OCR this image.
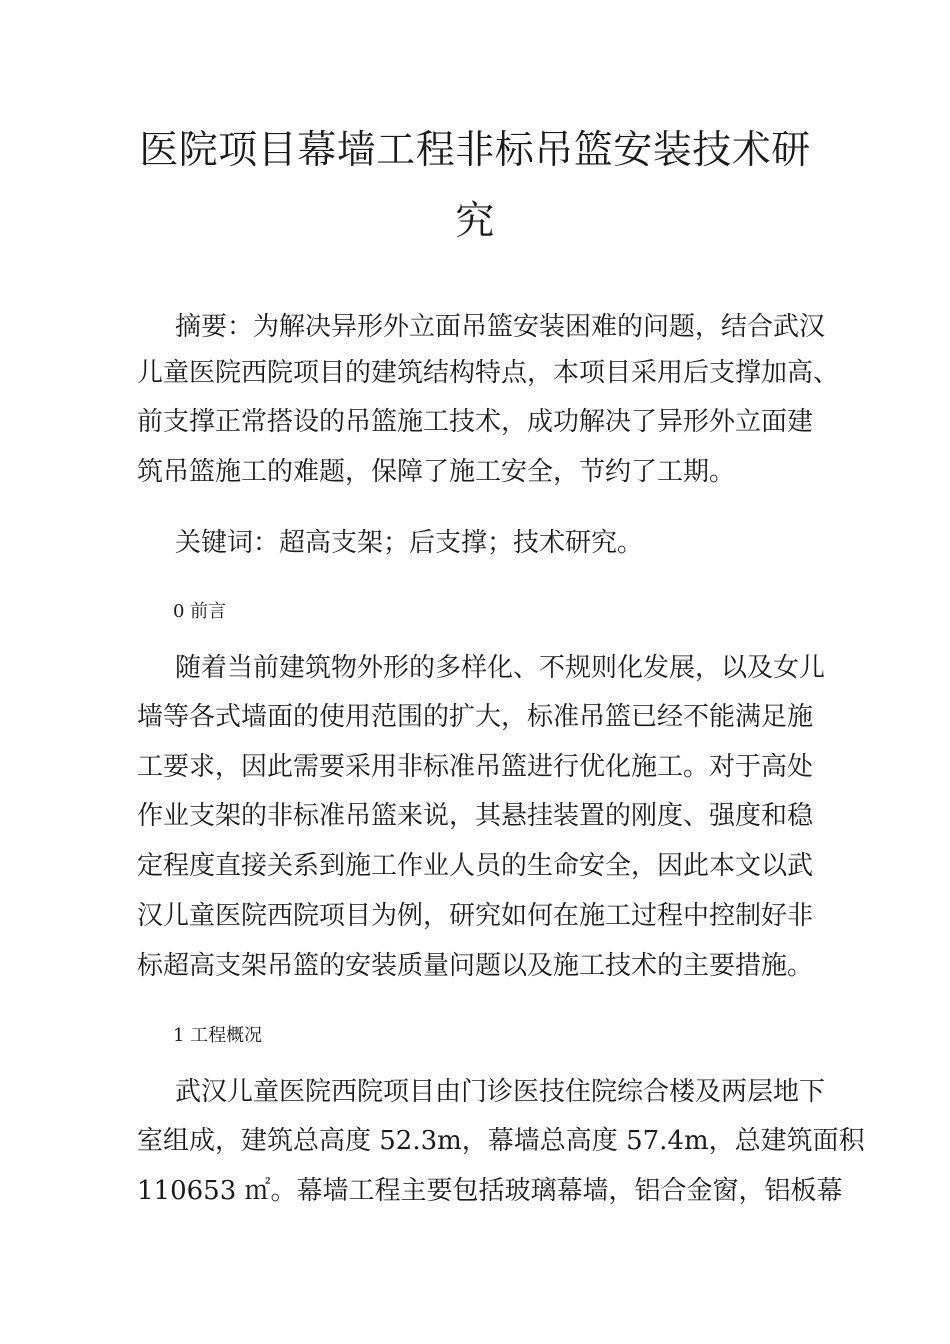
医院项目幕墙工程非标吊篮安装技术研
究

摘要：为解决异形外立面吊篮安装困难的问题，结合武汉

儿童医院西院项目的建筑结构特点，本项目采用后支撑加高、

前支撑正常搭设的吊篮施工技术，成功解决了异形外立面建

筑吊篮施工的难题，保障了施工安全，节约了工期。

关键词：超高支架；后支撑；技术研究。

0 前言

随着当前建筑物外形的多样化、不规则化发展，以及女儿

墙等各式墙面的使用范围的扩大，标准吊篮已经不能满足施

工要求，因此需要采用非标准吊篮进行优化施工。对于高处

作业支架的非标准吊篮来说，其悬挂装置的刚度、强度和稳

定程度直接关系到施工作业人员的生命安全，因此本文以武

汉儿童医院西院项目为例，研究如何在施工过程中控制好非

标超高支架吊篮的安装质量问题以及施工技术的主要措施。

1 工程概况

武汉儿童医院西院项目由门诊医技住院综合楼及两层地下

室组成，建筑总高度 52.3m，幕墙总高度 57.4m，总建筑面积

110653 ㎡。幕墙工程主要包括玻璃幕墙，铝合金窗，铝板幕
